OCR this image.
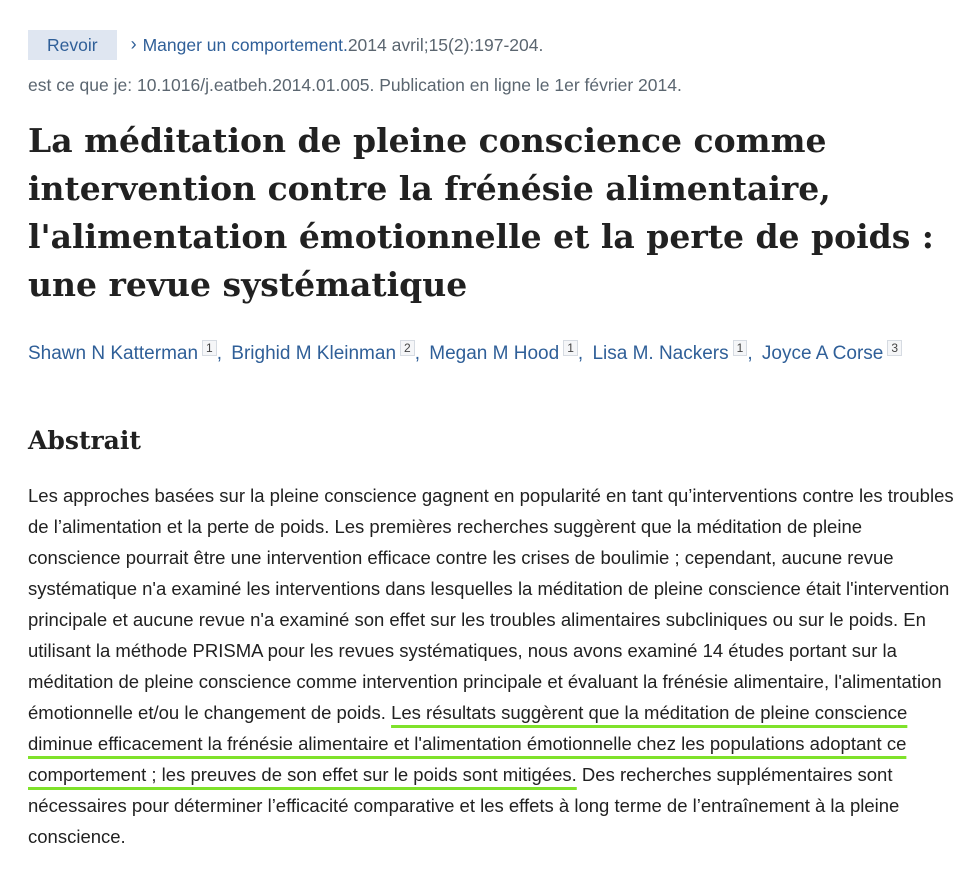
Revoir	› Manger un comportement. 2014 avril;15(2):197-204.
est ce que je: 10.1016/j.eatbeh.2014.01.005. Publication en ligne le 1er février 2014.
La méditation de pleine conscience comme intervention contre la frénésie alimentaire, l'alimentation émotionnelle et la perte de poids : une revue systématique
Shawn N Katterman 1 , Brighid M Kleinman 2 , Megan M Hood 1 , Lisa M. Nackers 1 , Joyce A Corse 3
Abstrait

Les approches basées sur la pleine conscience gagnent en popularité en tant qu’interventions contre les troubles de l’alimentation et la perte de poids. Les premières recherches suggèrent que la méditation de pleine conscience pourrait être une intervention efficace contre les crises de boulimie ; cependant, aucune revue systématique n'a examiné les interventions dans lesquelles la méditation de pleine conscience était l'intervention principale et aucune revue n'a examiné son effet sur les troubles alimentaires subcliniques ou sur le poids. En utilisant la méthode PRISMA pour les revues systématiques, nous avons examiné 14 études portant sur la méditation de pleine conscience comme intervention principale et évaluant la frénésie alimentaire, l'alimentation émotionnelle et/ou le changement de poids. Les résultats suggèrent que la méditation de pleine conscience diminue efficacement la frénésie alimentaire et l'alimentation émotionnelle chez les populations adoptant ce comportement ; les preuves de son effet sur le poids sont mitigées. Des recherches supplémentaires sont nécessaires pour déterminer l’efficacité comparative et les effets à long terme de l’entraînement à la pleine conscience.
